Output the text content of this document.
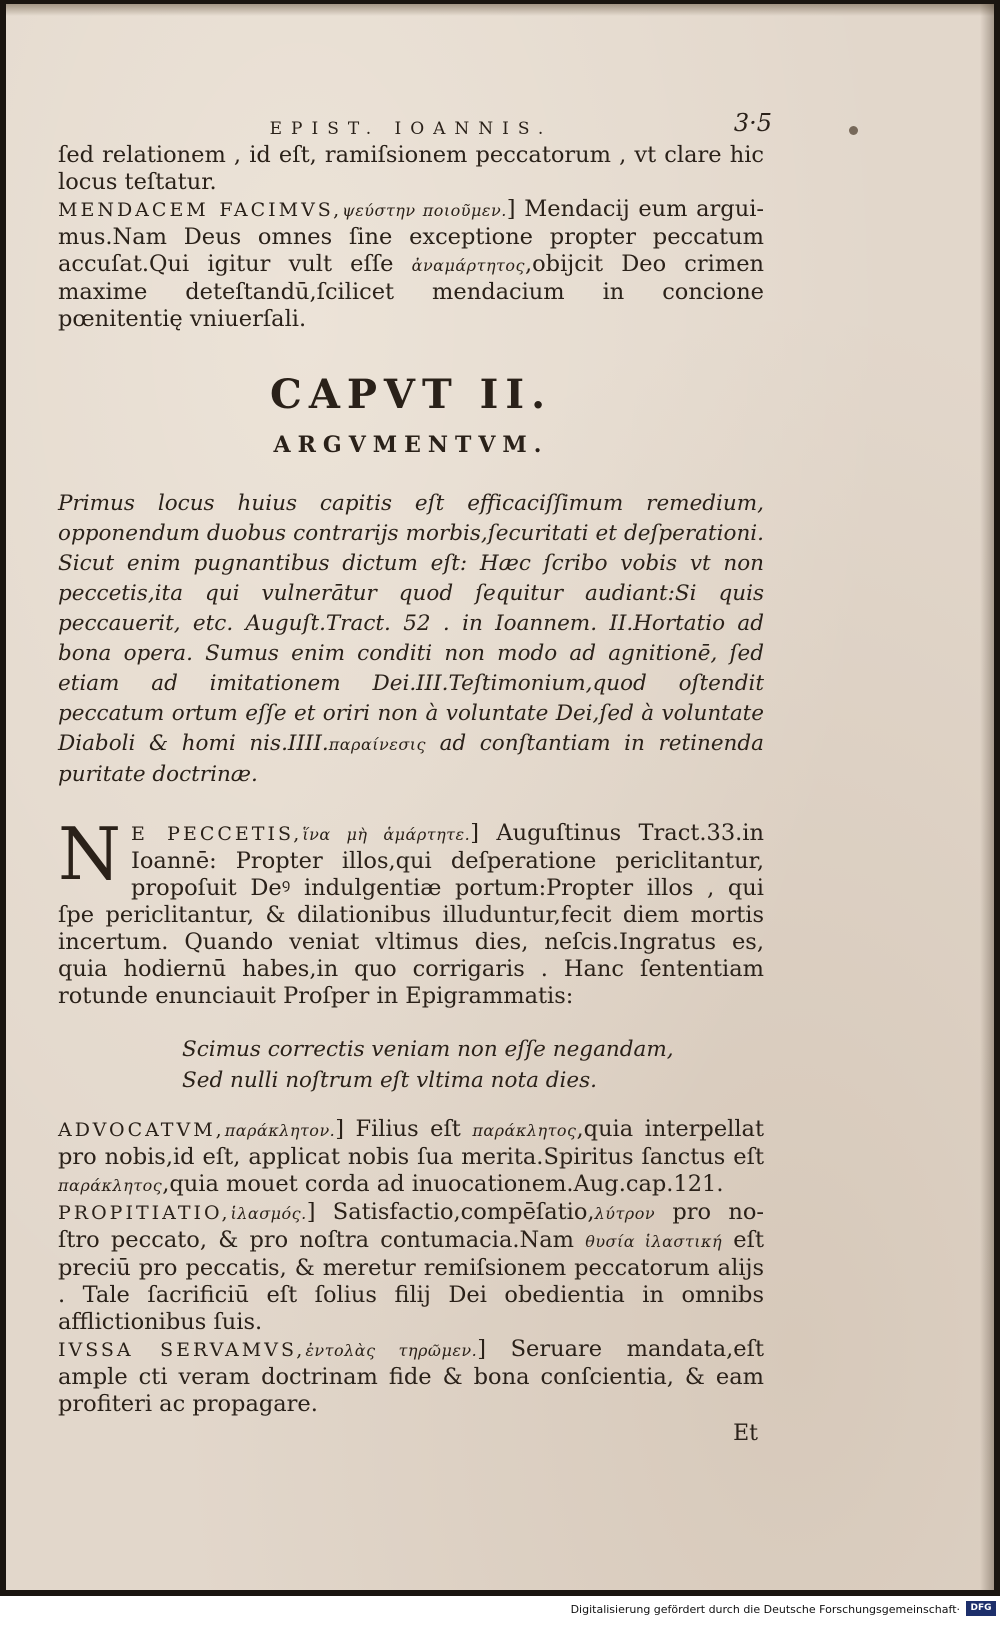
EPIST. IOANNIS.	3·5

ſed relationem , id eſt, ramiſsionem peccatorum , vt clare hic locus teſtatur.

MENDACEM FACIMVS,ψεύστην ποιοῦμεν.] Mendacij eum arguimus.Nam Deus omnes ſine exceptione propter peccatum accuſat.Qui igitur vult eſſe ἀναμάρτητος,obijcit Deo crimen maxime deteſtandū,ſcilicet mendacium in concione pœnitentię vniuerſali.

CAPVT II.
ARGVMENTVM.

Primus locus huius capitis eſt efficaciſſimum remedium, opponendum duobus contrarijs morbis,ſecuritati et deſperationi. Sicut enim pugnantibus dictum eſt: Hæc ſcribo vobis vt non peccetis,ita qui vulnerātur quod ſequitur audiant:Si quis peccauerit, etc. Auguſt.Tract. 52 . in Ioannem. II.Hortatio ad bona opera. Sumus enim conditi non modo ad agnitionē, ſed etiam ad imitationem Dei.III.Teſtimonium,quod oſtendit peccatum ortum eſſe et oriri non à voluntate Dei,ſed à voluntate Diaboli & homi nis.IIII.παραίνεσις ad conſtantiam in retinenda puritate doctrinæ.

N E PECCETIS,ἵνα μὴ ἁμάρτητε.] Auguſtinus Tract.33.in Ioannē: Propter illos,qui deſperatione periclitantur, propoſuit Deꝰ indulgentiæ portum:Propter illos , qui ſpe periclitantur, & dilationibus illuduntur,fecit diem mortis incertum. Quando veniat vltimus dies, neſcis.Ingratus es, quia hodiernū habes,in quo corrigaris . Hanc ſententiam rotunde enunciauit Proſper in Epigrammatis:

Scimus correctis veniam non eſſe negandam,
Sed nulli noſtrum eſt vltima nota dies.

ADVOCATVM,παράκλητον.] Filius eſt παράκλητος,quia interpellat pro nobis,id eſt, applicat nobis ſua merita.Spiritus ſanctus eſt παράκλητος,quia mouet corda ad inuocationem.Aug.cap.121.

PROPITIATIO,ἱλασμός.] Satisfactio,compēſatio,λύτρον pro noſtro peccato, & pro noſtra contumacia.Nam θυσία ἱλαστική eſt preciū pro peccatis, & meretur remiſsionem peccatorum alijs . Tale ſacrificiū eſt ſolius filij Dei obedientia in omnibs afflictionibus ſuis.

IVSSA SERVAMVS,ἐντολὰς τηρῶμεν.] Seruare mandata,eſt ample cti veram doctrinam fide & bona conſcientia, & eam profiteri ac propagare.

Et
Digitalisierung gefördert durch die Deutsche Forschungsgemeinschaft·	DFG
